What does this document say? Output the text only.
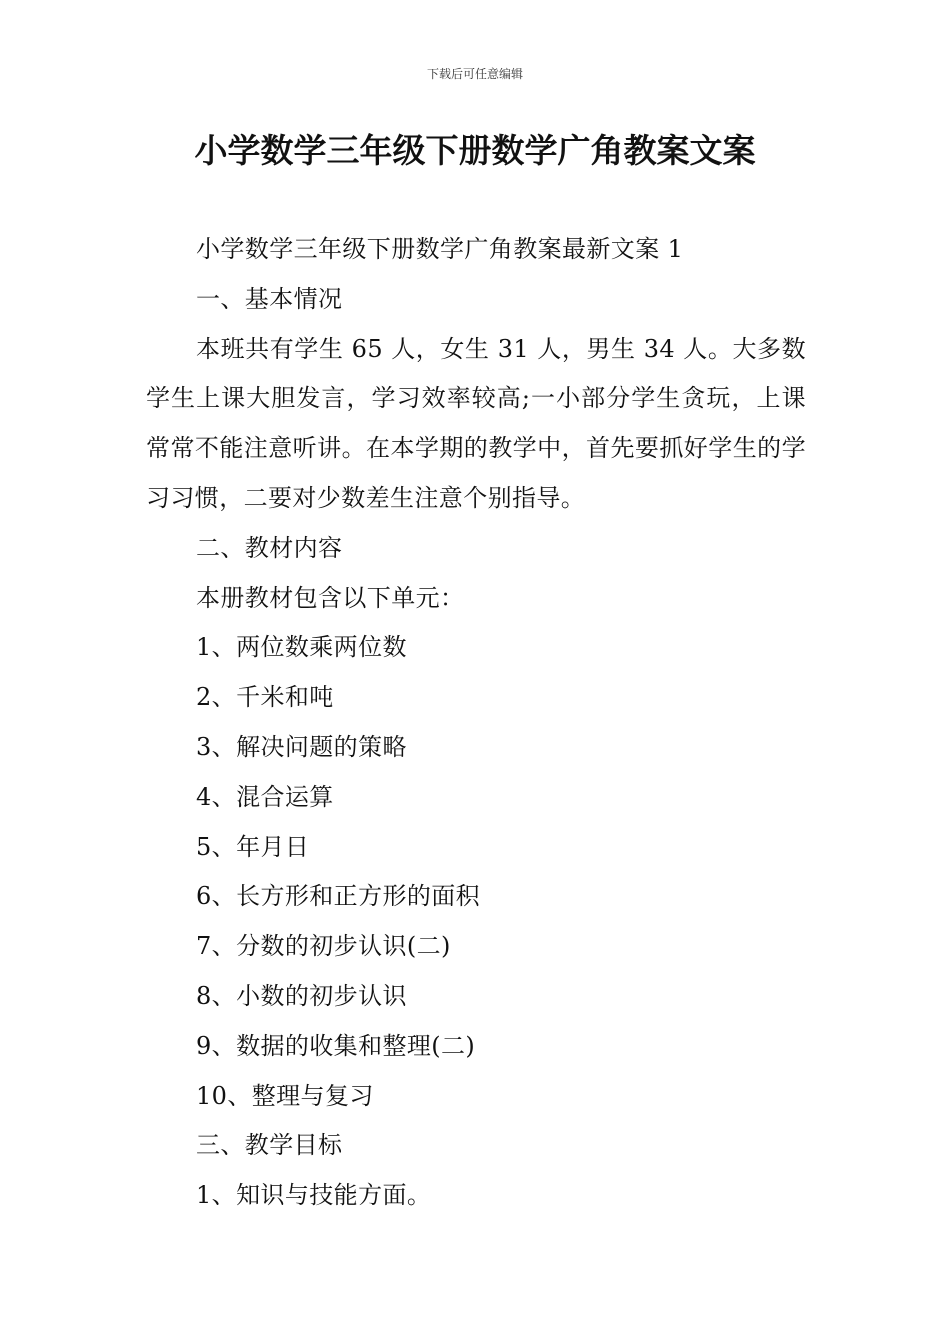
下载后可任意编辑
小学数学三年级下册数学广角教案文案

小学数学三年级下册数学广角教案最新文案 1

一、基本情况

本班共有学生 65 人，女生 31 人，男生 34 人。大多数学生上课大胆发言，学习效率较高;一小部分学生贪玩，上课常常不能注意听讲。在本学期的教学中，首先要抓好学生的学习习惯，二要对少数差生注意个别指导。

二、教材内容

本册教材包含以下单元：

1、两位数乘两位数

2、千米和吨

3、解决问题的策略

4、混合运算

5、年月日

6、长方形和正方形的面积

7、分数的初步认识(二)

8、小数的初步认识

9、数据的收集和整理(二)

10、整理与复习

三、教学目标

1、知识与技能方面。
